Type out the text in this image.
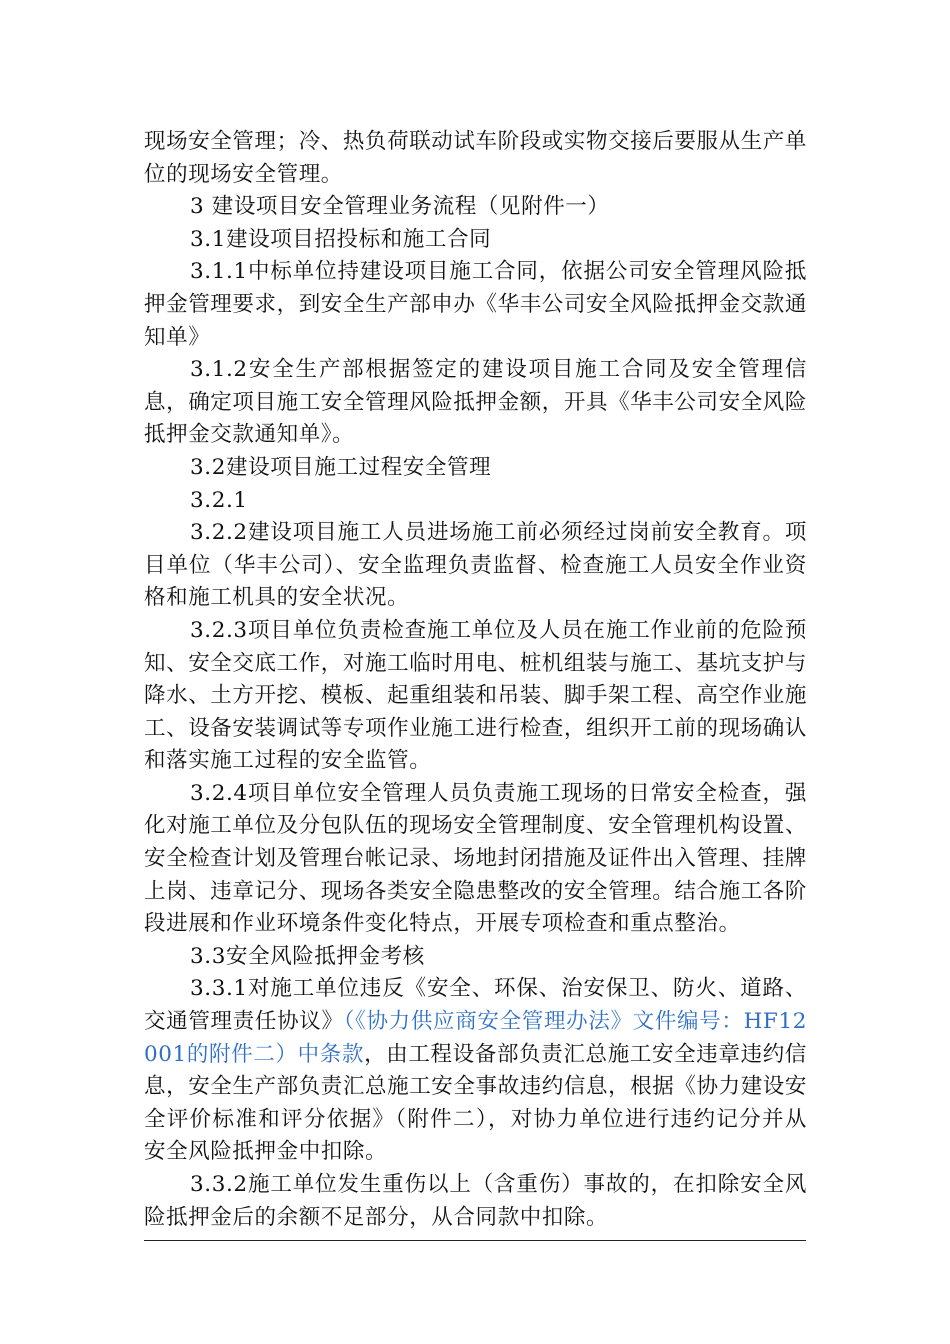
现场安全管理；冷、热负荷联动试车阶段或实物交接后要服从生产单位的现场安全管理。

3 建设项目安全管理业务流程（见附件一）

3.1建设项目招投标和施工合同

3.1.1中标单位持建设项目施工合同，依据公司安全管理风险抵押金管理要求，到安全生产部申办《华丰公司安全风险抵押金交款通知单》

3.1.2安全生产部根据签定的建设项目施工合同及安全管理信息，确定项目施工安全管理风险抵押金额，开具《华丰公司安全风险抵押金交款通知单》。

3.2建设项目施工过程安全管理

3.2.1

3.2.2建设项目施工人员进场施工前必须经过岗前安全教育。项目单位（华丰公司）、安全监理负责监督、检查施工人员安全作业资格和施工机具的安全状况。

3.2.3项目单位负责检查施工单位及人员在施工作业前的危险预知、安全交底工作，对施工临时用电、桩机组装与施工、基坑支护与降水、土方开挖、模板、起重组装和吊装、脚手架工程、高空作业施工、设备安装调试等专项作业施工进行检查，组织开工前的现场确认和落实施工过程的安全监管。

3.2.4项目单位安全管理人员负责施工现场的日常安全检查，强化对施工单位及分包队伍的现场安全管理制度、安全管理机构设置、安全检查计划及管理台帐记录、场地封闭措施及证件出入管理、挂牌上岗、违章记分、现场各类安全隐患整改的安全管理。结合施工各阶段进展和作业环境条件变化特点，开展专项检查和重点整治。

3.3安全风险抵押金考核

3.3.1对施工单位违反《安全、环保、治安保卫、防火、道路、交通管理责任协议》（《协力供应商安全管理办法》文件编号：HF12001的附件二）中条款，由工程设备部负责汇总施工安全违章违约信息，安全生产部负责汇总施工安全事故违约信息，根据《协力建设安全评价标准和评分依据》（附件二），对协力单位进行违约记分并从安全风险抵押金中扣除。

3.3.2施工单位发生重伤以上（含重伤）事故的，在扣除安全风险抵押金后的余额不足部分，从合同款中扣除。
